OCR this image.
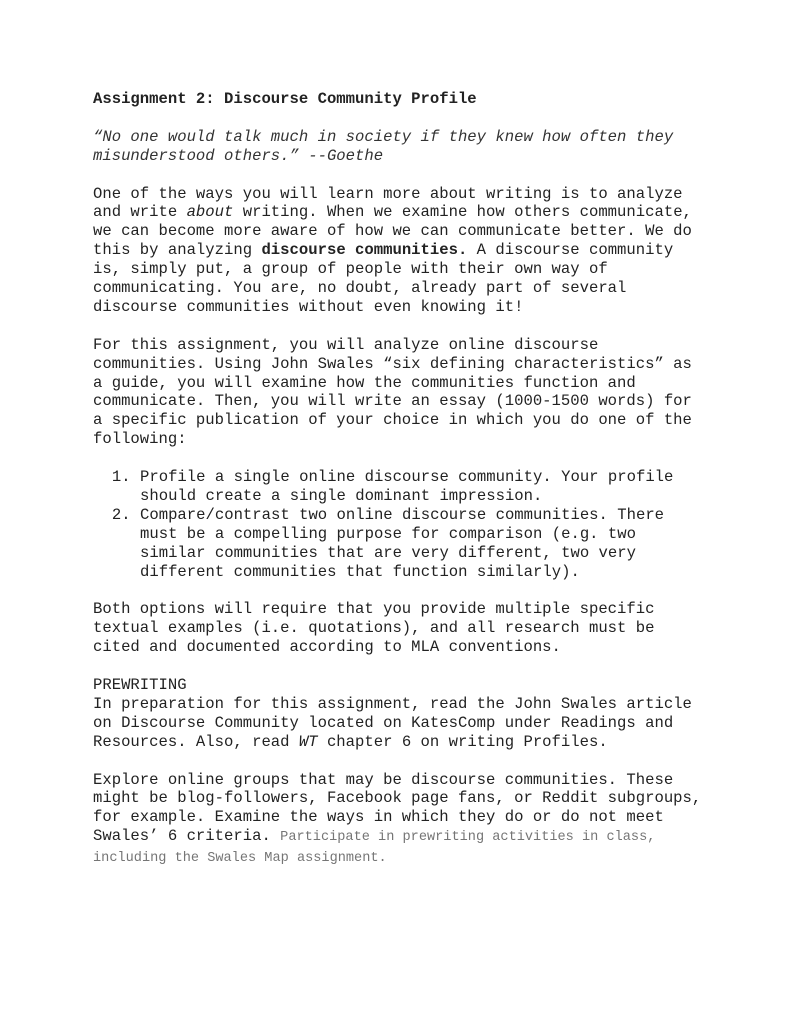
Assignment 2: Discourse Community Profile

“No one would talk much in society if they knew how often they misunderstood others.” --Goethe

One of the ways you will learn more about writing is to analyze and write about writing. When we examine how others communicate, we can become more aware of how we can communicate better. We do this by analyzing discourse communities. A discourse community is, simply put, a group of people with their own way of communicating. You are, no doubt, already part of several discourse communities without even knowing it!

For this assignment, you will analyze online discourse communities. Using John Swales “six defining characteristics” as a guide, you will examine how the communities function and communicate. Then, you will write an essay (1000-1500 words) for a specific publication of your choice in which you do one of the following:

1. Profile a single online discourse community. Your profile should create a single dominant impression.
2. Compare/contrast two online discourse communities. There must be a compelling purpose for comparison (e.g. two similar communities that are very different, two very different communities that function similarly).

Both options will require that you provide multiple specific textual examples (i.e. quotations), and all research must be cited and documented according to MLA conventions.

PREWRITING

In preparation for this assignment, read the John Swales article on Discourse Community located on KatesComp under Readings and Resources. Also, read WT chapter 6 on writing Profiles.

Explore online groups that may be discourse communities. These might be blog-followers, Facebook page fans, or Reddit subgroups, for example. Examine the ways in which they do or do not meet Swales’ 6 criteria. Participate in prewriting activities in class, including the Swales Map assignment.
